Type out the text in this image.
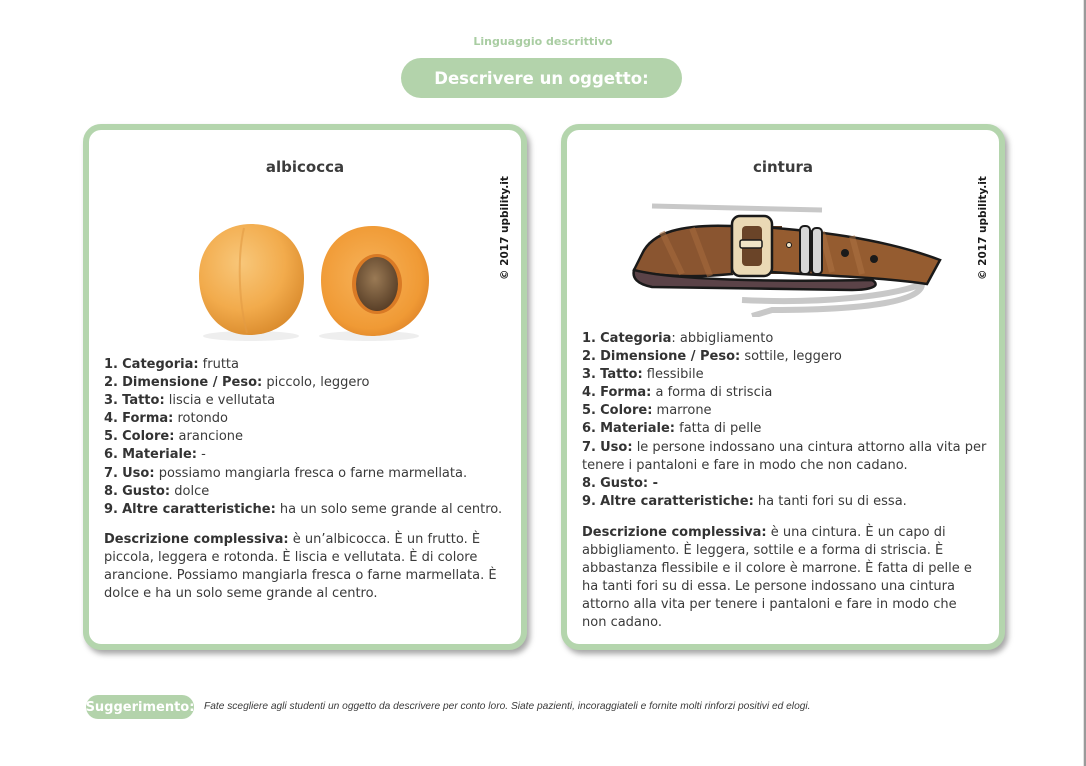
Linguaggio descrittivo
Descrivere un oggetto:
albicocca
© 2017 upbility.it
1. Categoria: frutta
2. Dimensione / Peso: piccolo, leggero
3. Tatto: liscia e vellutata
4. Forma: rotondo
5. Colore: arancione
6. Materiale: -
7. Uso: possiamo mangiarla fresca o farne marmellata.
8. Gusto: dolce
9. Altre caratteristiche: ha un solo seme grande al centro.
Descrizione complessiva: è un’albicocca. È un frutto. È piccola, leggera e rotonda. È liscia e vellutata. È di colore arancione. Possiamo mangiarla fresca o farne marmellata. È dolce e ha un solo seme grande al centro.
cintura
© 2017 upbility.it
1. Categoria: abbigliamento
2. Dimensione / Peso: sottile, leggero
3. Tatto: flessibile
4. Forma: a forma di striscia
5. Colore: marrone
6. Materiale: fatta di pelle
7. Uso: le persone indossano una cintura attorno alla vita per tenere i pantaloni e fare in modo che non cadano.
8. Gusto: -
9. Altre caratteristiche: ha tanti fori su di essa.
Descrizione complessiva: è una cintura. È un capo di abbigliamento. È leggera, sottile e a forma di striscia. È abbastanza flessibile e il colore è marrone. È fatta di pelle e ha tanti fori su di essa. Le persone indossano una cintura attorno alla vita per tenere i pantaloni e fare in modo che non cadano.
Suggerimento: Fate scegliere agli studenti un oggetto da descrivere per conto loro. Siate pazienti, incoraggiateli e fornite molti rinforzi positivi ed elogi.
